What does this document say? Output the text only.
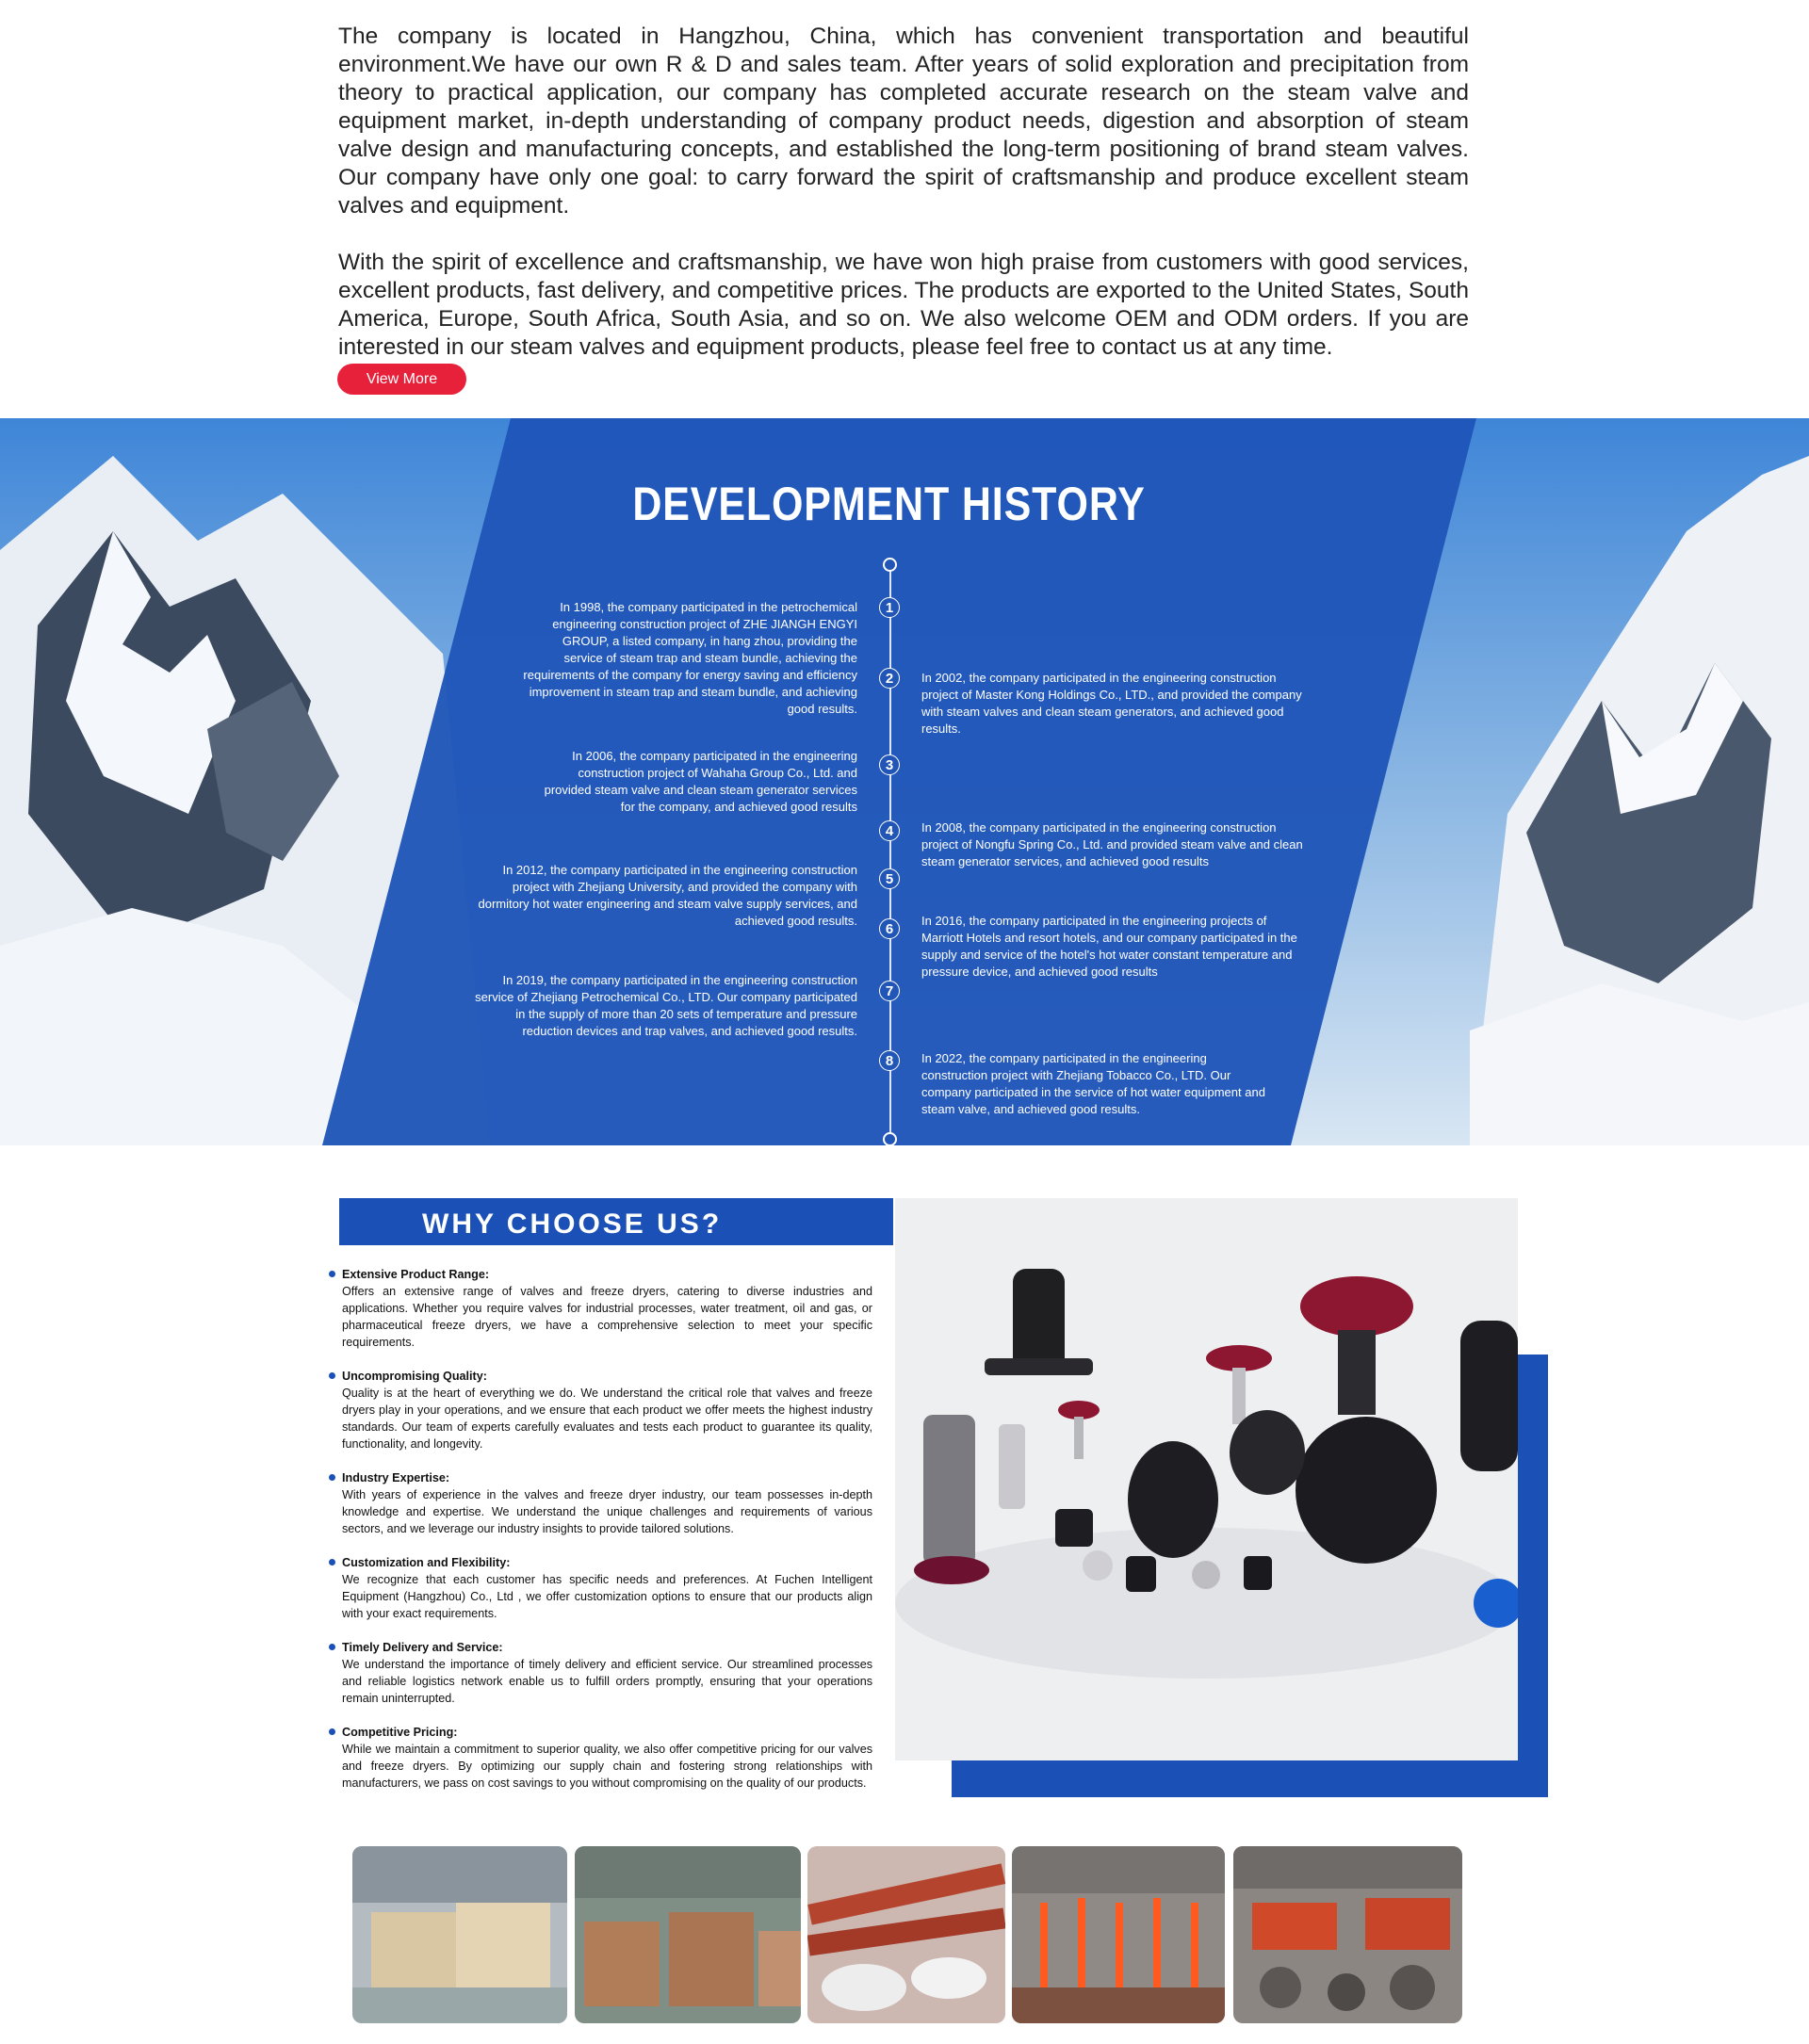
The company is located in Hangzhou, China, which has convenient transportation and beautiful environment.We have our own R & D and sales team. After years of solid exploration and precipitation from theory to practical application, our company has completed accurate research on the steam valve and equipment market, in-depth understanding of company product needs, digestion and absorption of steam valve design and manufacturing concepts, and established the long-term positioning of brand steam valves. Our company have only one goal: to carry forward the spirit of craftsmanship and produce excellent steam valves and equipment.

With the spirit of excellence and craftsmanship, we have won high praise from customers with good services, excellent products, fast delivery, and competitive prices. The products are exported to the United States, South America, Europe, South Africa, South Asia, and so on. We also welcome OEM and ODM orders. If you are interested in our steam valves and equipment products, please feel free to contact us at any time.

View More
DEVELOPMENT HISTORY
1
2
3
4
5
6
7
8
In 1998, the company participated in the petrochemical engineering construction project of ZHE JIANGH ENGYI GROUP, a listed company, in hang zhou, providing the service of steam trap and steam bundle, achieving the requirements of the company for energy saving and efficiency improvement in steam trap and steam bundle, and achieving good results.
In 2002, the company participated in the engineering construction project of Master Kong Holdings Co., LTD., and provided the company with steam valves and clean steam generators, and achieved good results.
In 2006, the company participated in the engineering construction project of Wahaha Group Co., Ltd. and provided steam valve and clean steam generator services for the company, and achieved good results
In 2008, the company participated in the engineering construction project of Nongfu Spring Co., Ltd. and provided steam valve and clean steam generator services, and achieved good results
In 2012, the company participated in the engineering construction project with Zhejiang University, and provided the company with dormitory hot water engineering and steam valve supply services, and achieved good results.	In 2016, the company participated in the engineering projects of Marriott Hotels and resort hotels, and our company participated in the supply and service of the hotel's hot water constant temperature and pressure device, and achieved good results
In 2019, the company participated in the engineering construction service of Zhejiang Petrochemical Co., LTD. Our company participated in the supply of more than 20 sets of temperature and pressure reduction devices and trap valves, and achieved good results.
In 2022, the company participated in the engineering construction project with Zhejiang Tobacco Co., LTD. Our company participated in the service of hot water equipment and steam valve, and achieved good results.
WHY CHOOSE US?
Extensive Product Range:
Offers an extensive range of valves and freeze dryers, catering to diverse industries and applications. Whether you require valves for industrial processes, water treatment, oil and gas, or pharmaceutical freeze dryers, we have a comprehensive selection to meet your specific requirements.
Uncompromising Quality:
Quality is at the heart of everything we do. We understand the critical role that valves and freeze dryers play in your operations, and we ensure that each product we offer meets the highest industry standards. Our team of experts carefully evaluates and tests each product to guarantee its quality, functionality, and longevity.
Industry Expertise:
With years of experience in the valves and freeze dryer industry, our team possesses in-depth knowledge and expertise. We understand the unique challenges and requirements of various sectors, and we leverage our industry insights to provide tailored solutions.
Customization and Flexibility:
We recognize that each customer has specific needs and preferences. At Fuchen Intelligent Equipment (Hangzhou) Co., Ltd , we offer customization options to ensure that our products align with your exact requirements.
Timely Delivery and Service:
We understand the importance of timely delivery and efficient service. Our streamlined processes and reliable logistics network enable us to fulfill orders promptly, ensuring that your operations remain uninterrupted.
Competitive Pricing:
While we maintain a commitment to superior quality, we also offer competitive pricing for our valves and freeze dryers. By optimizing our supply chain and fostering strong relationships with manufacturers, we pass on cost savings to you without compromising on the quality of our products.
